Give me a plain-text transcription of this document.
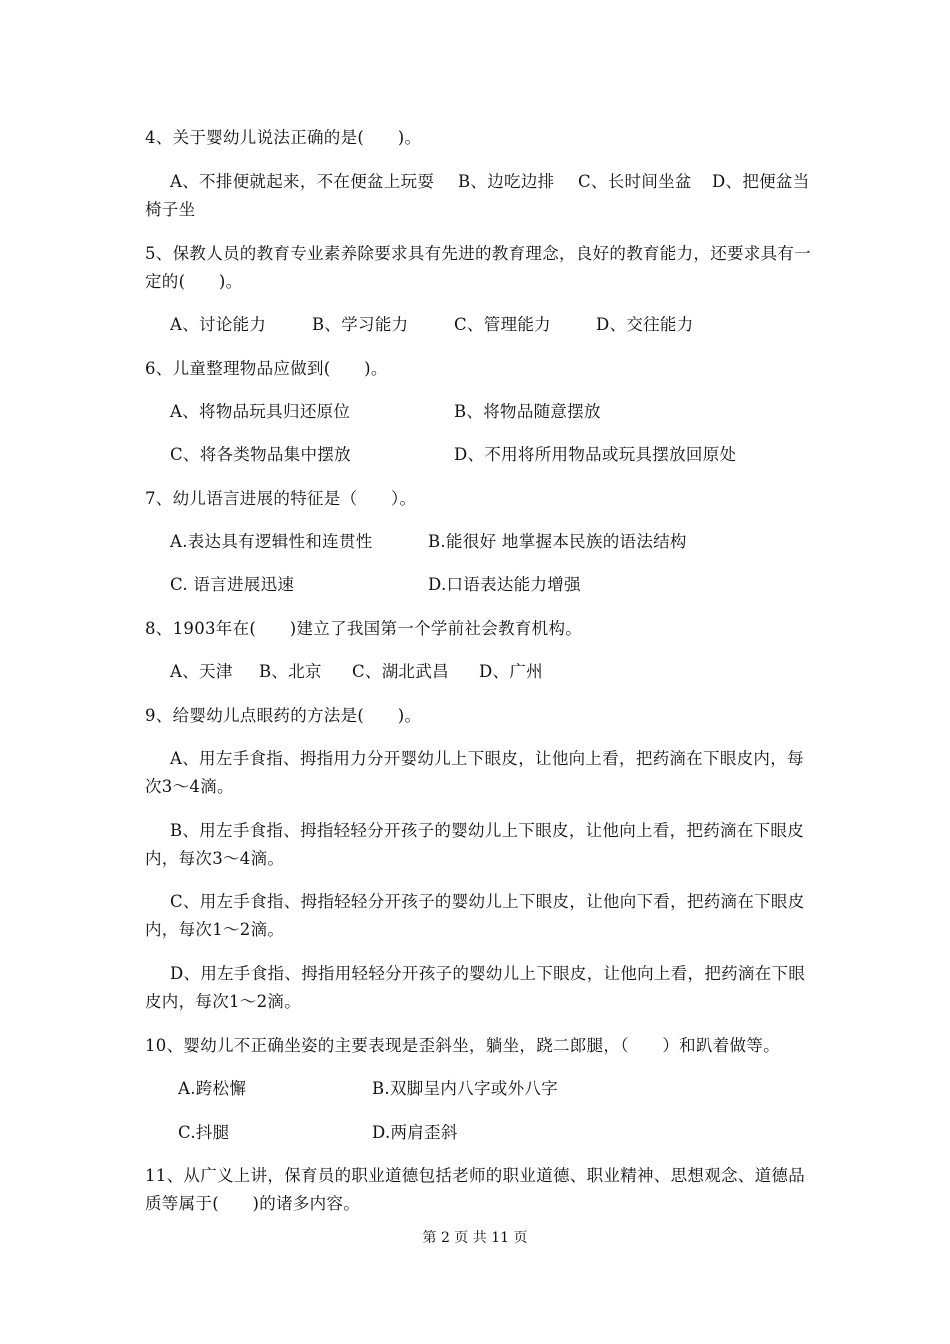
4、关于婴幼儿说法正确的是(　　)。
A、不排便就起来，不在便盆上玩耍 B、边吃边排 C、长时间坐盆 D、把便盆当
椅子坐
5、保教人员的教育专业素养除要求具有先进的教育理念，良好的教育能力，还要求具有一
定的(　　)。
A、讨论能力	B、学习能力	C、管理能力	D、交往能力
6、儿童整理物品应做到(　　)。
A、将物品玩具归还原位	B、将物品随意摆放
C、将各类物品集中摆放	D、不用将所用物品或玩具摆放回原处
7、幼儿语言进展的特征是（　　）。
A.表达具有逻辑性和连贯性	B.能很好 地掌握本民族的语法结构
C. 语言进展迅速	D.口语表达能力增强
8、1903年在(　　)建立了我国第一个学前社会教育机构。
A、天津 B、北京 C、湖北武昌 D、广州
9、给婴幼儿点眼药的方法是(　　)。
A、用左手食指、拇指用力分开婴幼儿上下眼皮，让他向上看，把药滴在下眼皮内，每
次3～4滴。
B、用左手食指、拇指轻轻分开孩子的婴幼儿上下眼皮，让他向上看，把药滴在下眼皮
内，每次3～4滴。
C、用左手食指、拇指轻轻分开孩子的婴幼儿上下眼皮，让他向下看，把药滴在下眼皮
内，每次1～2滴。
D、用左手食指、拇指用轻轻分开孩子的婴幼儿上下眼皮，让他向上看，把药滴在下眼
皮内，每次1～2滴。
10、婴幼儿不正确坐姿的主要表现是歪斜坐，躺坐，跷二郎腿，（　　）和趴着做等。
A.跨松懈	B.双脚呈内八字或外八字
C.抖腿	D.两肩歪斜
11、从广义上讲，保育员的职业道德包括老师的职业道德、职业精神、思想观念、道德品
质等属于(　　)的诸多内容。
第 2 页 共 11 页
